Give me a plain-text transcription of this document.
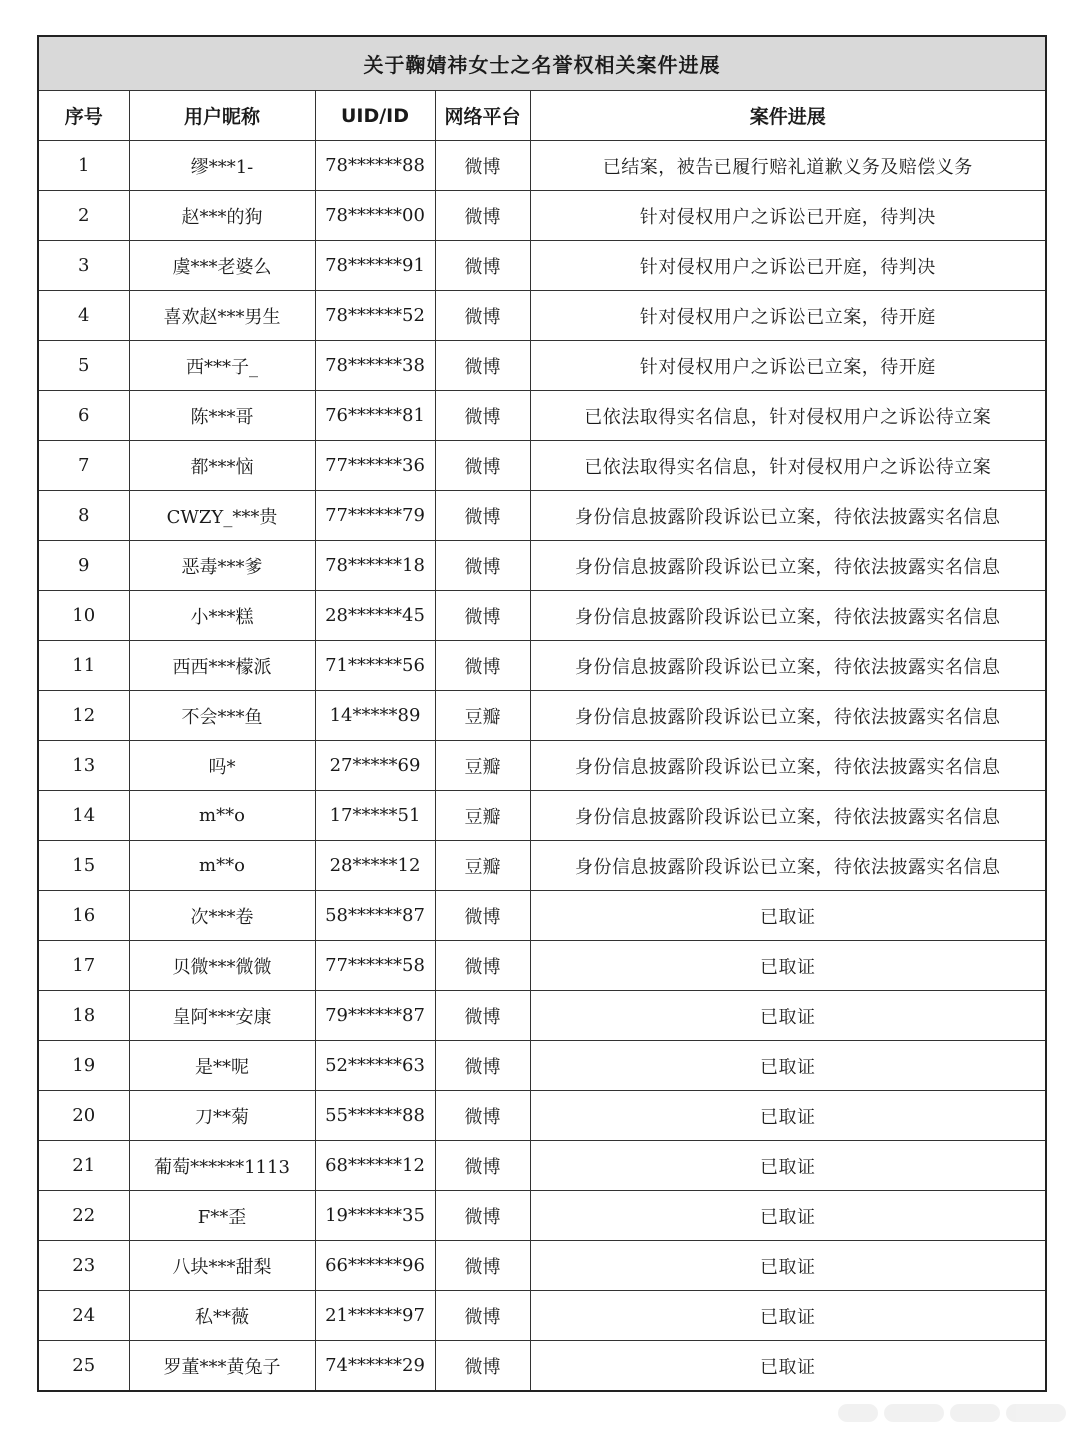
关于鞠婧祎女士之名誉权相关案件进展				
序号	用户昵称	UID/ID	网络平台	案件进展
1	缪***1-	78******88	微博	已结案，被告已履行赔礼道歉义务及赔偿义务
2	赵***的狗	78******00	微博	针对侵权用户之诉讼已开庭，待判决
3	虞***老婆么	78******91	微博	针对侵权用户之诉讼已开庭，待判决
4	喜欢赵***男生	78******52	微博	针对侵权用户之诉讼已立案，待开庭
5	西***子_	78******38	微博	针对侵权用户之诉讼已立案，待开庭
6	陈***哥	76******81	微博	已依法取得实名信息，针对侵权用户之诉讼待立案
7	都***恼	77******36	微博	已依法取得实名信息，针对侵权用户之诉讼待立案
8	CWZY_***贵	77******79	微博	身份信息披露阶段诉讼已立案，待依法披露实名信息
9	恶毒***爹	78******18	微博	身份信息披露阶段诉讼已立案，待依法披露实名信息
10	小***糕	28******45	微博	身份信息披露阶段诉讼已立案，待依法披露实名信息
11	西西***檬派	71******56	微博	身份信息披露阶段诉讼已立案，待依法披露实名信息
12	不会***鱼	14*****89	豆瓣	身份信息披露阶段诉讼已立案，待依法披露实名信息
13	吗*	27*****69	豆瓣	身份信息披露阶段诉讼已立案，待依法披露实名信息
14	m**o	17*****51	豆瓣	身份信息披露阶段诉讼已立案，待依法披露实名信息
15	m**o	28*****12	豆瓣	身份信息披露阶段诉讼已立案，待依法披露实名信息
16	次***卷	58******87	微博	已取证
17	贝微***微微	77******58	微博	已取证
18	皇阿***安康	79******87	微博	已取证
19	是**呢	52******63	微博	已取证
20	刀**菊	55******88	微博	已取证
21	葡萄******1113	68******12	微博	已取证
22	F**歪	19******35	微博	已取证
23	八块***甜梨	66******96	微博	已取证
24	私**薇	21******97	微博	已取证
25	罗董***黄兔子	74******29	微博	已取证
